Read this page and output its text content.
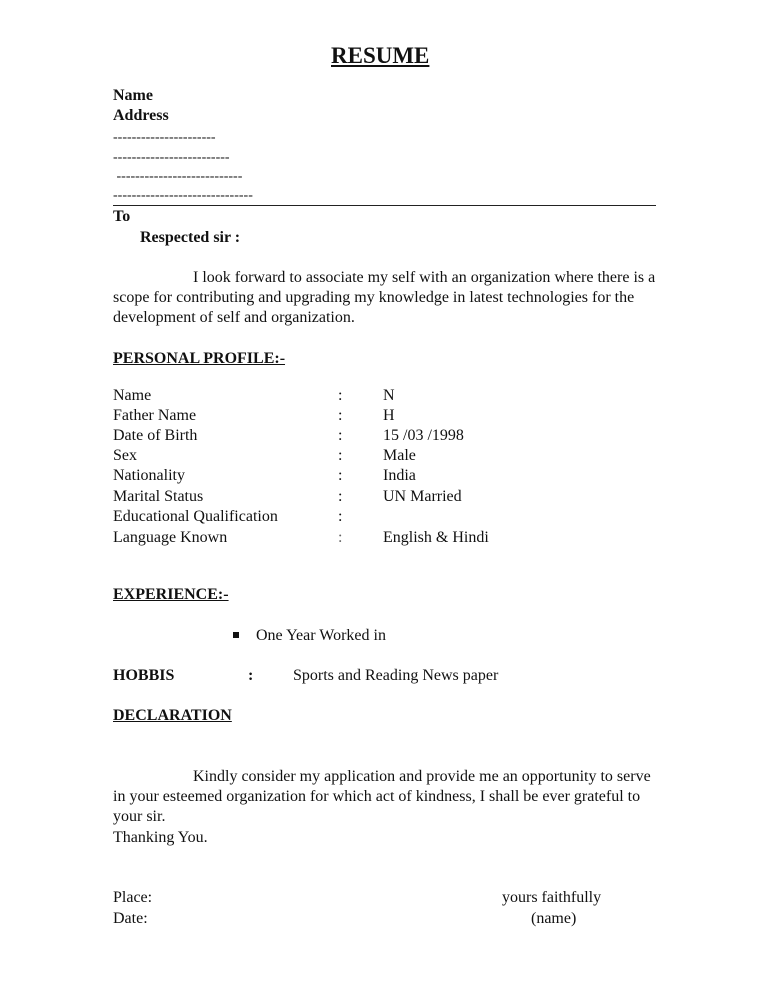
RESUME
Name
Address
----------------------
-------------------------
---------------------------
------------------------------
To
Respected sir :
I look forward to associate my self with an organization where there is a scope for contributing and upgrading my knowledge in latest technologies for the development of self and organization.
PERSONAL PROFILE:-
Name	:	N
Father Name	:	H
Date of Birth	:	15 /03 /1998
Sex	:	Male
Nationality	:	India
Marital Status	:	UN Married
Educational Qualification	:
Language Known	:	English & Hindi
EXPERIENCE:-
One Year Worked in
HOBBIS	: Sports and Reading News paper
DECLARATION
Kindly consider my application and provide me an opportunity to serve in your esteemed organization for which act of kindness, I shall be ever grateful to your sir.
Thanking You.
Place:
Date:
yours faithfully
(name)
